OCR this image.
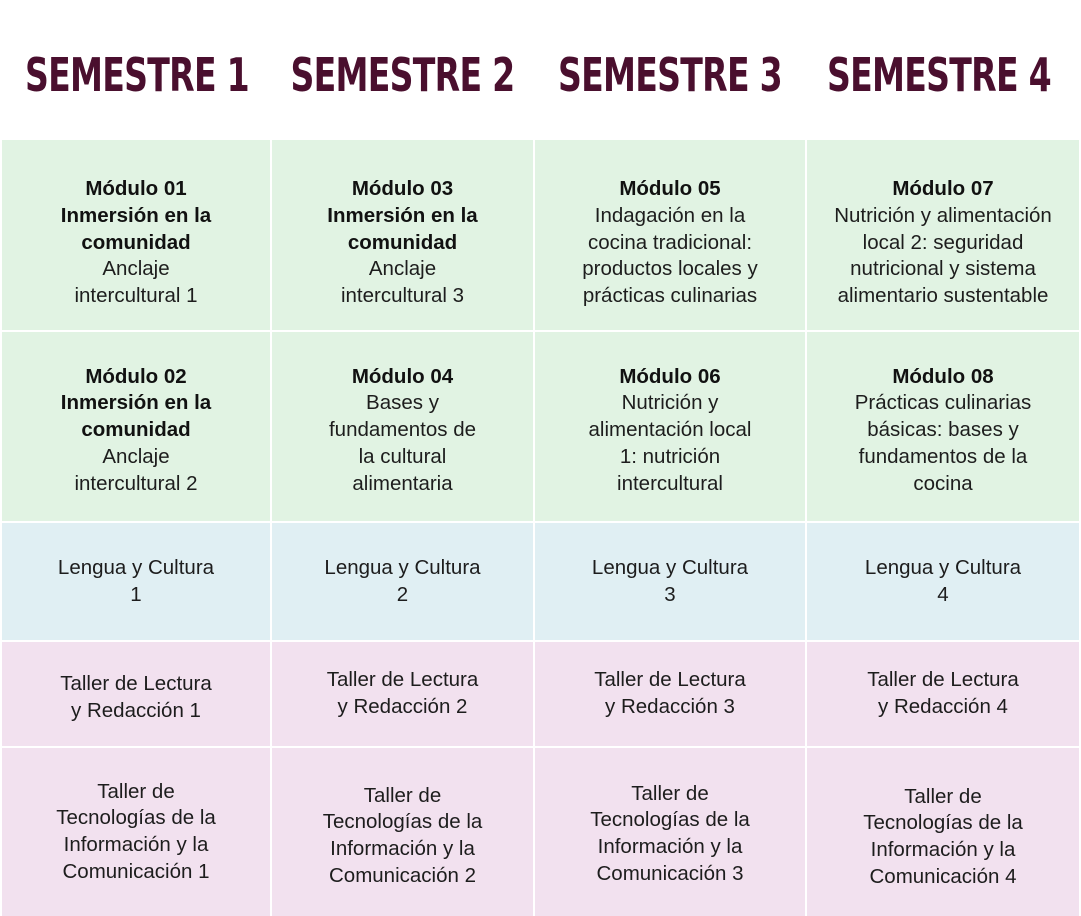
SEMESTRE 1 SEMESTRE 2 SEMESTRE 3 SEMESTRE 4
Módulo 01
Inmersión en la
comunidad
Anclaje
intercultural 1
Módulo 03
Inmersión en la
comunidad
Anclaje
intercultural 3
Módulo 05
Indagación en la
cocina tradicional:
productos locales y
prácticas culinarias
Módulo 07
Nutrición y alimentación
local 2: seguridad
nutricional y sistema
alimentario sustentable
Módulo 02
Inmersión en la
comunidad
Anclaje
intercultural 2
Módulo 04
Bases y
fundamentos de
la cultural
alimentaria
Módulo 06
Nutrición y
alimentación local
1: nutrición
intercultural
Módulo 08
Prácticas culinarias
básicas: bases y
fundamentos de la
cocina
Lengua y Cultura
1
Lengua y Cultura
2
Lengua y Cultura
3
Lengua y Cultura
4
Taller de Lectura
y Redacción 1
Taller de Lectura
y Redacción 2
Taller de Lectura
y Redacción 3
Taller de Lectura
y Redacción 4
Taller de
Tecnologías de la
Información y la
Comunicación 1
Taller de
Tecnologías de la
Información y la
Comunicación 2
Taller de
Tecnologías de la
Información y la
Comunicación 3
Taller de
Tecnologías de la
Información y la
Comunicación 4
